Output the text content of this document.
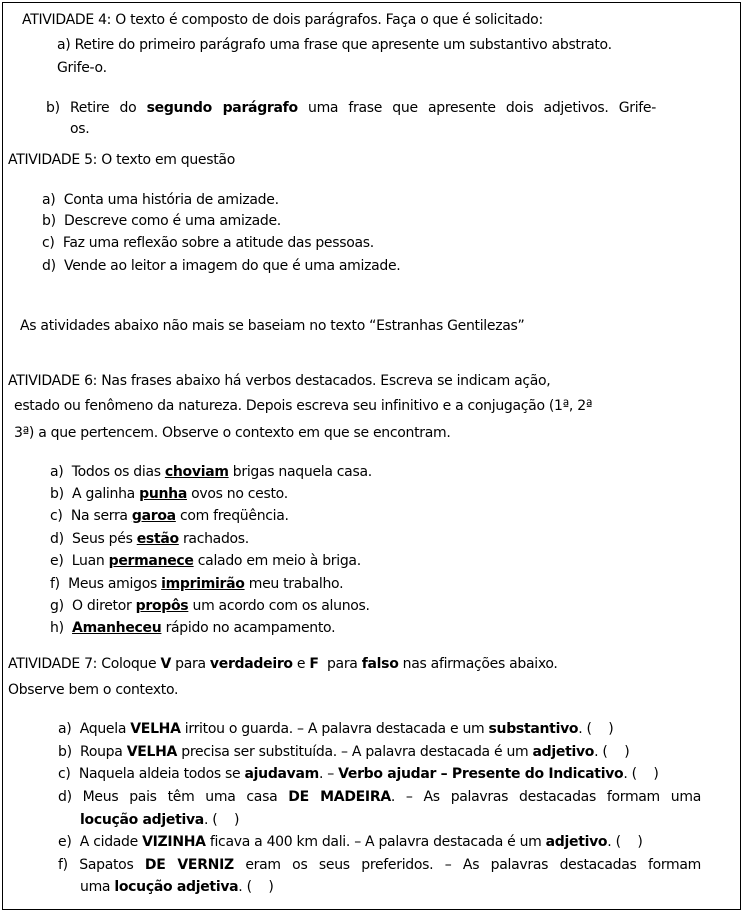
ATIVIDADE 4: O texto é composto de dois parágrafos. Faça o que é solicitado:
a) Retire do primeiro parágrafo uma frase que apresente um substantivo abstrato.
Grife-o.
b) Retire do segundo parágrafo uma frase que apresente dois adjetivos. Grife-
os.
ATIVIDADE 5: O texto em questão
a)  Conta uma história de amizade.
b)  Descreve como é uma amizade.
c)  Faz uma reflexão sobre a atitude das pessoas.
d)  Vende ao leitor a imagem do que é uma amizade.
As atividades abaixo não mais se baseiam no texto “Estranhas Gentilezas”
ATIVIDADE 6: Nas frases abaixo há verbos destacados. Escreva se indicam ação,
estado ou fenômeno da natureza. Depois escreva seu infinitivo e a conjugação (1ª, 2ª
3ª) a que pertencem. Observe o contexto em que se encontram.
a)  Todos os dias choviam brigas naquela casa.
b)  A galinha punha ovos no cesto.
c)  Na serra garoa com freqüência.
d)  Seus pés estão rachados.
e)  Luan permanece calado em meio à briga.
f)  Meus amigos imprimirão meu trabalho.
g)  O diretor propôs um acordo com os alunos.
h)  Amanheceu rápido no acampamento.
ATIVIDADE 7: Coloque V para verdadeiro e F  para falso nas afirmações abaixo.
Observe bem o contexto.
a)  Aquela VELHA irritou o guarda. – A palavra destacada e um substantivo. (    )
b)  Roupa VELHA precisa ser substituída. – A palavra destacada é um adjetivo. (    )
c)  Naquela aldeia todos se ajudavam. – Verbo ajudar – Presente do Indicativo. (    )
d) Meus pais têm uma casa DE MADEIRA. – As palavras destacadas formam uma
locução adjetiva. (    )
e)  A cidade VIZINHA ficava a 400 km dali. – A palavra destacada é um adjetivo. (    )
f) Sapatos DE VERNIZ eram os seus preferidos. – As palavras destacadas formam
uma locução adjetiva. (    )
